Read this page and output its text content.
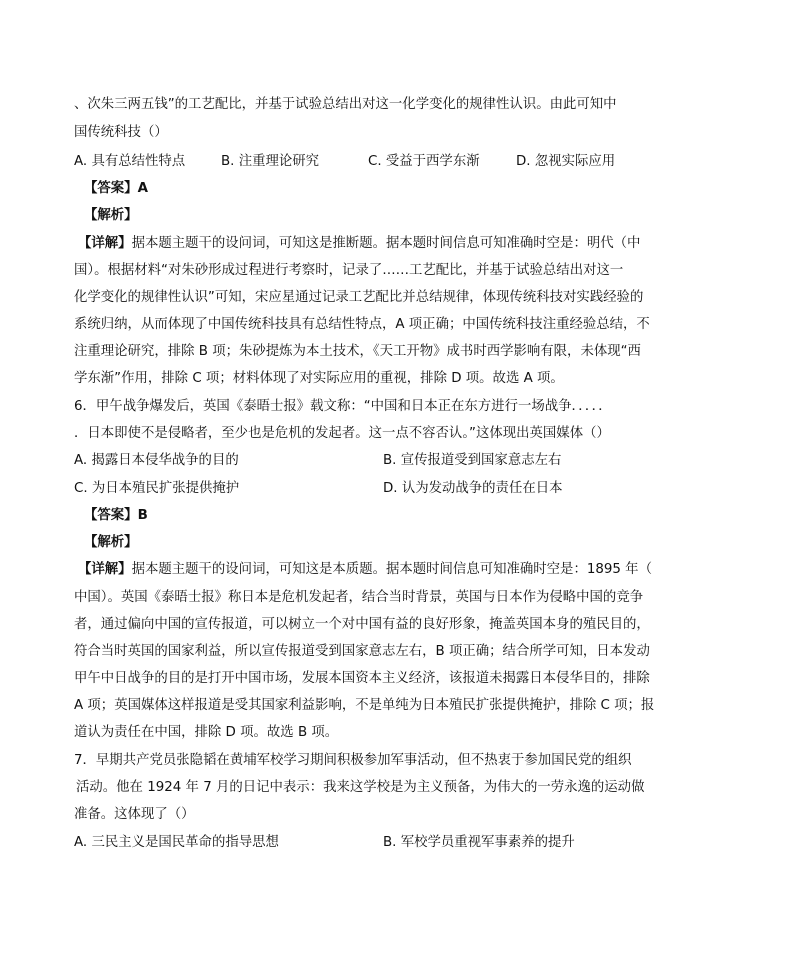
、次朱三两五钱”的工艺配比，并基于试验总结出对这一化学变化的规律性认识。由此可知中
国传统科技（）
A. 具有总结性特点	B. 注重理论研究	C. 受益于西学东渐	D. 忽视实际应用
【答案】A
【解析】
【详解】据本题主题干的设问词，可知这是推断题。据本题时间信息可知准确时空是：明代（中
国）。根据材料“对朱砂形成过程进行考察时，记录了……工艺配比，并基于试验总结出对这一
化学变化的规律性认识”可知，宋应星通过记录工艺配比并总结规律，体现传统科技对实践经验的
系统归纳，从而体现了中国传统科技具有总结性特点，A 项正确；中国传统科技注重经验总结，不
注重理论研究，排除 B 项；朱砂提炼为本土技术，《天工开物》成书时西学影响有限，未体现“西
学东渐”作用，排除 C 项；材料体现了对实际应用的重视，排除 D 项。故选 A 项。
6．甲午战争爆发后，英国《泰晤士报》载文称：“中国和日本正在东方进行一场战争．．．．．
．日本即使不是侵略者，至少也是危机的发起者。这一点不容否认。”这体现出英国媒体（）
A. 揭露日本侵华战争的目的	B. 宣传报道受到国家意志左右
C. 为日本殖民扩张提供掩护	D. 认为发动战争的责任在日本
【答案】B
【解析】
【详解】据本题主题干的设问词，可知这是本质题。据本题时间信息可知准确时空是：1895 年（
中国）。英国《泰晤士报》称日本是危机发起者，结合当时背景，英国与日本作为侵略中国的竞争
者，通过偏向中国的宣传报道，可以树立一个对中国有益的良好形象，掩盖英国本身的殖民目的，
符合当时英国的国家利益，所以宣传报道受到国家意志左右，B 项正确；结合所学可知，日本发动
甲午中日战争的目的是打开中国市场，发展本国资本主义经济，该报道未揭露日本侵华目的，排除
A 项；英国媒体这样报道是受其国家利益影响，不是单纯为日本殖民扩张提供掩护，排除 C 项；报
道认为责任在中国，排除 D 项。故选 B 项。
7．早期共产党员张隐韬在黄埔军校学习期间积极参加军事活动，但不热衷于参加国民党的组织
活动。他在 1924 年 7 月的日记中表示：我来这学校是为主义预备，为伟大的一劳永逸的运动做
准备。这体现了（）
A. 三民主义是国民革命的指导思想	B. 军校学员重视军事素养的提升
